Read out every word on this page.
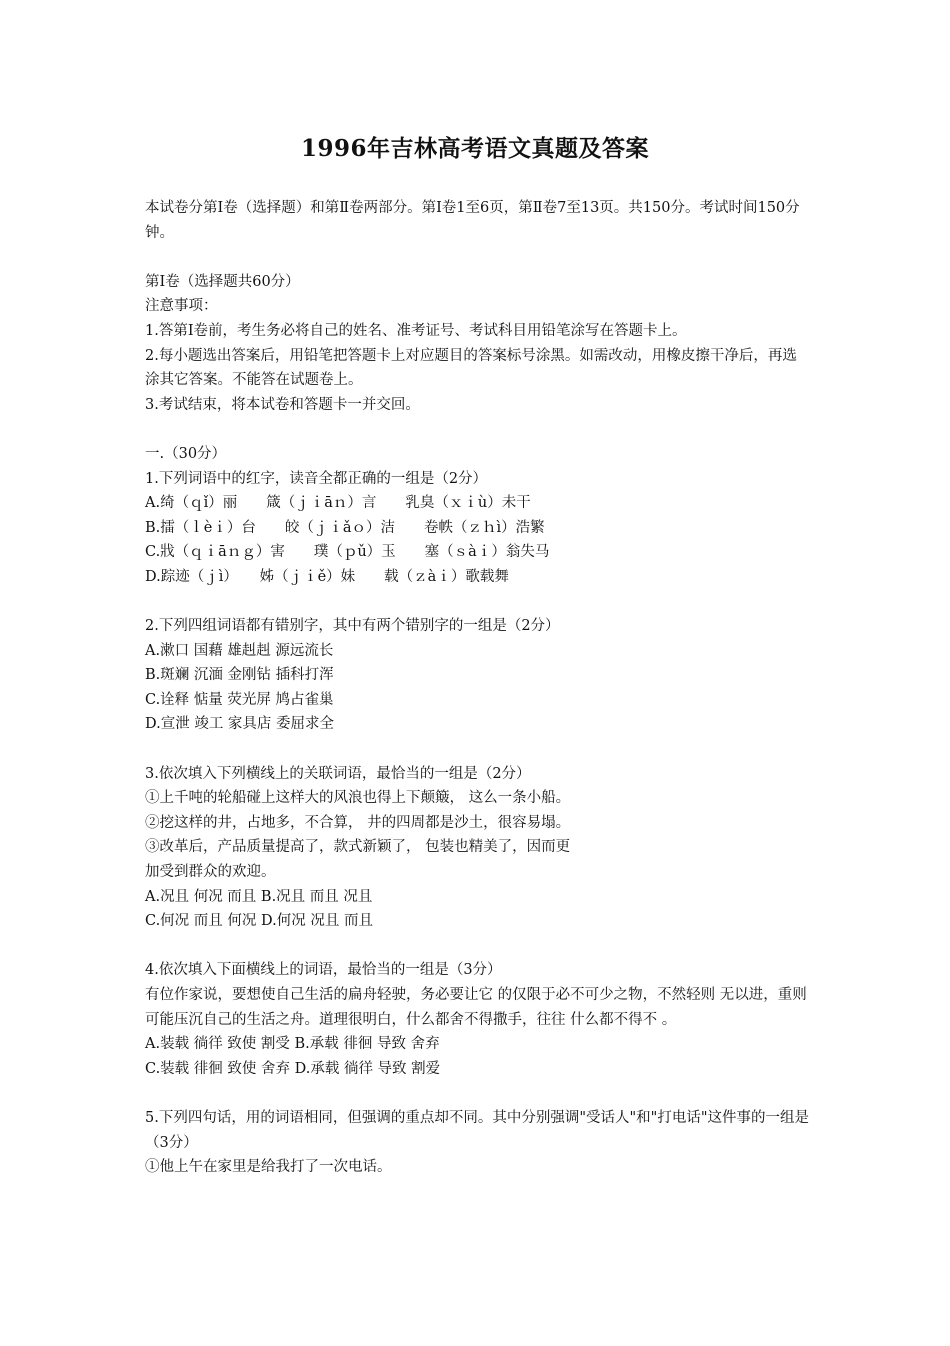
1996年吉林高考语文真题及答案

本试卷分第Ⅰ卷（选择题）和第Ⅱ卷两部分。第Ⅰ卷1至6页，第Ⅱ卷7至13页。共150分。考试时间150分钟。

第Ⅰ卷（选择题共60分）

注意事项：

1.答第Ⅰ卷前，考生务必将自己的姓名、准考证号、考试科目用铅笔涂写在答题卡上。

2.每小题选出答案后，用铅笔把答题卡上对应题目的答案标号涂黑。如需改动，用橡皮擦干净后，再选涂其它答案。不能答在试题卷上。

3.考试结束，将本试卷和答题卡一并交回。

一.（30分）

1.下列词语中的红字，读音全都正确的一组是（2分）

A.绮（ｑǐ）丽　　箴（ｊｉāｎ）言　　乳臭（ｘｉù）未干

B.擂（ｌèｉ）台　　皎（ｊｉǎｏ）洁　　卷帙（ｚｈì）浩繁

C.戕（ｑｉāｎｇ）害　　璞（ｐǔ）玉　　塞（ｓàｉ）翁失马

D.踪迹（ｊì）　　姊（ｊｉě）妹　　载（ｚàｉ）歌载舞

2.下列四组词语都有错别字，其中有两个错别字的一组是（2分）

A.漱口 国藉 雄赳赳 源远流长

B.斑斓 沉湎 金刚钻 插科打浑

C.诠释 惦量 荧光屏 鸠占雀巢

D.宣泄 竣工 家具店 委屈求全

3.依次填入下列横线上的关联词语，最恰当的一组是（2分）

①上千吨的轮船碰上这样大的风浪也得上下颠簸， 这么一条小船。

②挖这样的井，占地多，不合算， 井的四周都是沙土，很容易塌。

③改革后，产品质量提高了，款式新颖了， 包装也精美了，因而更

加受到群众的欢迎。

A.况且 何况 而且 B.况且 而且 况且

C.何况 而且 何况 D.何况 况且 而且

4.依次填入下面横线上的词语，最恰当的一组是（3分）

有位作家说，要想使自己生活的扁舟轻驶，务必要让它 的仅限于必不可少之物，不然轻则 无以进，重则可能压沉自己的生活之舟。道理很明白，什么都舍不得撒手，往往 什么都不得不 。

A.装载 徜徉 致使 割受 B.承载 徘徊 导致 舍弃

C.装载 徘徊 致使 舍弃 D.承载 徜徉 导致 割爱

5.下列四句话，用的词语相同，但强调的重点却不同。其中分别强调"受话人"和"打电话"这件事的一组是（3分）

①他上午在家里是给我打了一次电话。
